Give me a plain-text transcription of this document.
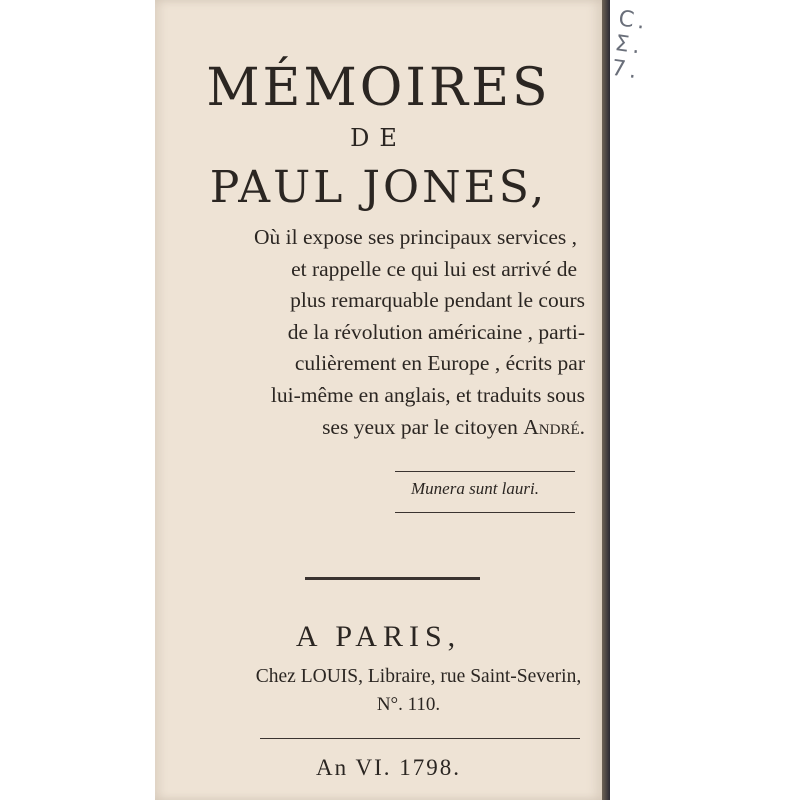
C. Σ. 7.
MÉMOIRES
DE
PAUL JONES,
Où il expose ses principaux services ,
et rappelle ce qui lui est arrivé de
plus remarquable pendant le cours
de la révolution américaine , parti-
culièrement en Europe , écrits par
lui-même en anglais, et traduits sous
ses yeux par le citoyen André.
Munera sunt lauri.
A PARIS,
Chez LOUIS, Libraire, rue Saint-Severin,
N°. 110.
An VI. 1798.
